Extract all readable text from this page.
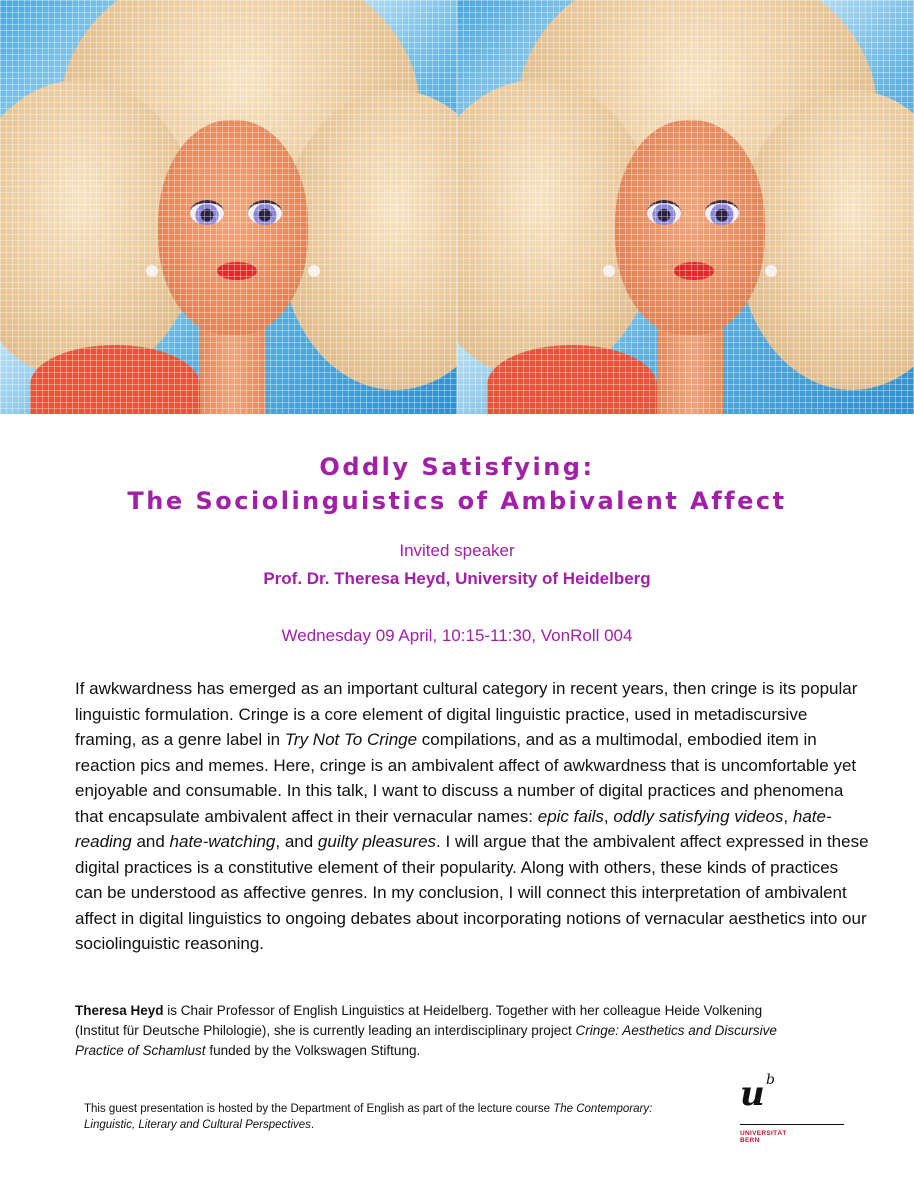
Oddly Satisfying:
The Sociolinguistics of Ambivalent Affect
Invited speaker
Prof. Dr. Theresa Heyd, University of Heidelberg
Wednesday 09 April, 10:15-11:30, VonRoll 004

If awkwardness has emerged as an important cultural category in recent years, then cringe is its popular linguistic formulation. Cringe is a core element of digital linguistic practice, used in metadiscursive framing, as a genre label in Try Not To Cringe compilations, and as a multimodal, embodied item in reaction pics and memes. Here, cringe is an ambivalent affect of awkwardness that is uncomfortable yet enjoyable and consumable. In this talk, I want to discuss a number of digital practices and phenomena that encapsulate ambivalent affect in their vernacular names: epic fails, oddly satisfying videos, hate-reading and hate-watching, and guilty pleasures. I will argue that the ambivalent affect expressed in these digital practices is a constitutive element of their popularity. Along with others, these kinds of practices can be understood as affective genres. In my conclusion, I will connect this interpretation of ambivalent affect in digital linguistics to ongoing debates about incorporating notions of vernacular aesthetics into our sociolinguistic reasoning.

Theresa Heyd is Chair Professor of English Linguistics at Heidelberg. Together with her colleague Heide Volkening (Institut für Deutsche Philologie), she is currently leading an interdisciplinary project Cringe: Aesthetics and Discursive Practice of Schamlust funded by the Volkswagen Stiftung.

This guest presentation is hosted by the Department of English as part of the lecture course The Contemporary: Linguistic, Literary and Cultural Perspectives.

u b
UNIVERSITÄT
BERN
